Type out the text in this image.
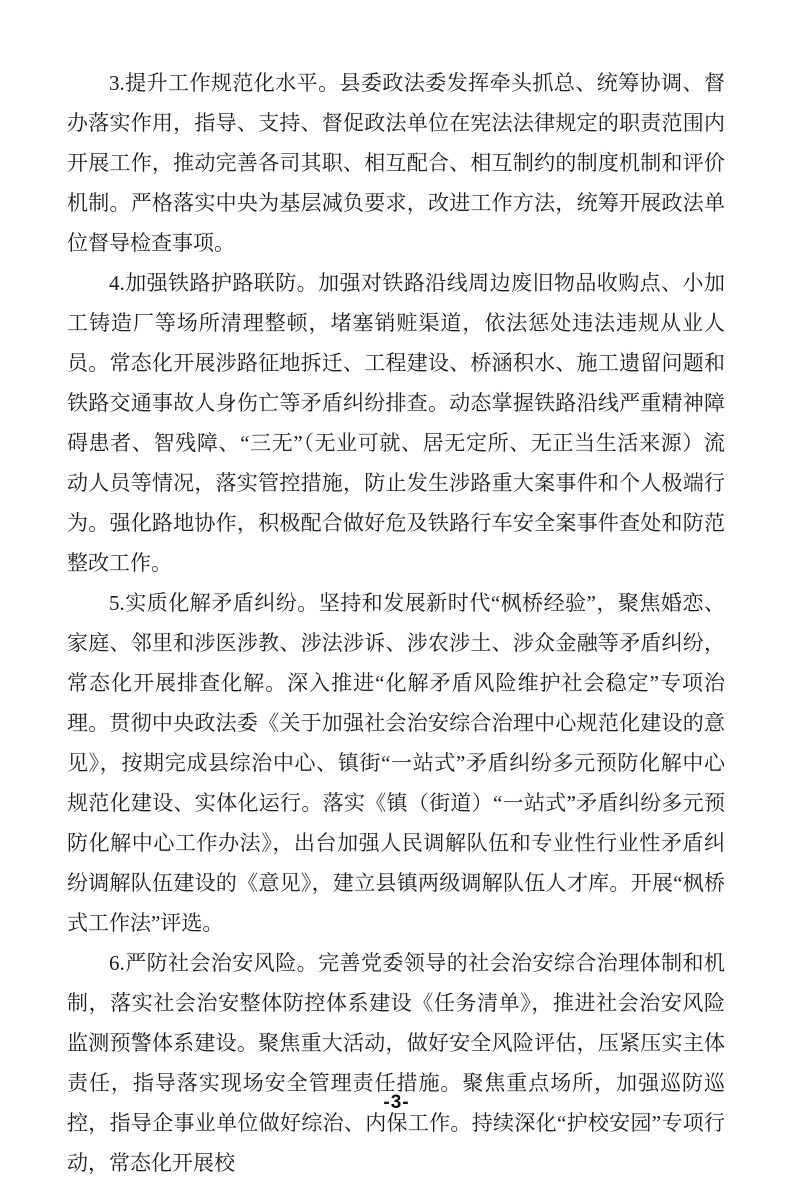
3.提升工作规范化水平。县委政法委发挥牵头抓总、统筹协调、督办落实作用，指导、支持、督促政法单位在宪法法律规定的职责范围内开展工作，推动完善各司其职、相互配合、相互制约的制度机制和评价机制。严格落实中央为基层减负要求，改进工作方法，统筹开展政法单位督导检查事项。

4.加强铁路护路联防。加强对铁路沿线周边废旧物品收购点、小加工铸造厂等场所清理整顿，堵塞销赃渠道，依法惩处违法违规从业人员。常态化开展涉路征地拆迁、工程建设、桥涵积水、施工遗留问题和铁路交通事故人身伤亡等矛盾纠纷排查。动态掌握铁路沿线严重精神障碍患者、智残障、“三无”（无业可就、居无定所、无正当生活来源）流动人员等情况，落实管控措施，防止发生涉路重大案事件和个人极端行为。强化路地协作，积极配合做好危及铁路行车安全案事件查处和防范整改工作。

5.实质化解矛盾纠纷。坚持和发展新时代“枫桥经验”，聚焦婚恋、家庭、邻里和涉医涉教、涉法涉诉、涉农涉土、涉众金融等矛盾纠纷，常态化开展排查化解。深入推进“化解矛盾风险维护社会稳定”专项治理。贯彻中央政法委《关于加强社会治安综合治理中心规范化建设的意见》，按期完成县综治中心、镇街“一站式”矛盾纠纷多元预防化解中心规范化建设、实体化运行。落实《镇（街道）“一站式”矛盾纠纷多元预防化解中心工作办法》，出台加强人民调解队伍和专业性行业性矛盾纠纷调解队伍建设的《意见》，建立县镇两级调解队伍人才库。开展“枫桥式工作法”评选。

6.严防社会治安风险。完善党委领导的社会治安综合治理体制和机制，落实社会治安整体防控体系建设《任务清单》，推进社会治安风险监测预警体系建设。聚焦重大活动，做好安全风险评估，压紧压实主体责任，指导落实现场安全管理责任措施。聚焦重点场所，加强巡防巡控，指导企事业单位做好综治、内保工作。持续深化“护校安园”专项行动，常态化开展校

-3-
